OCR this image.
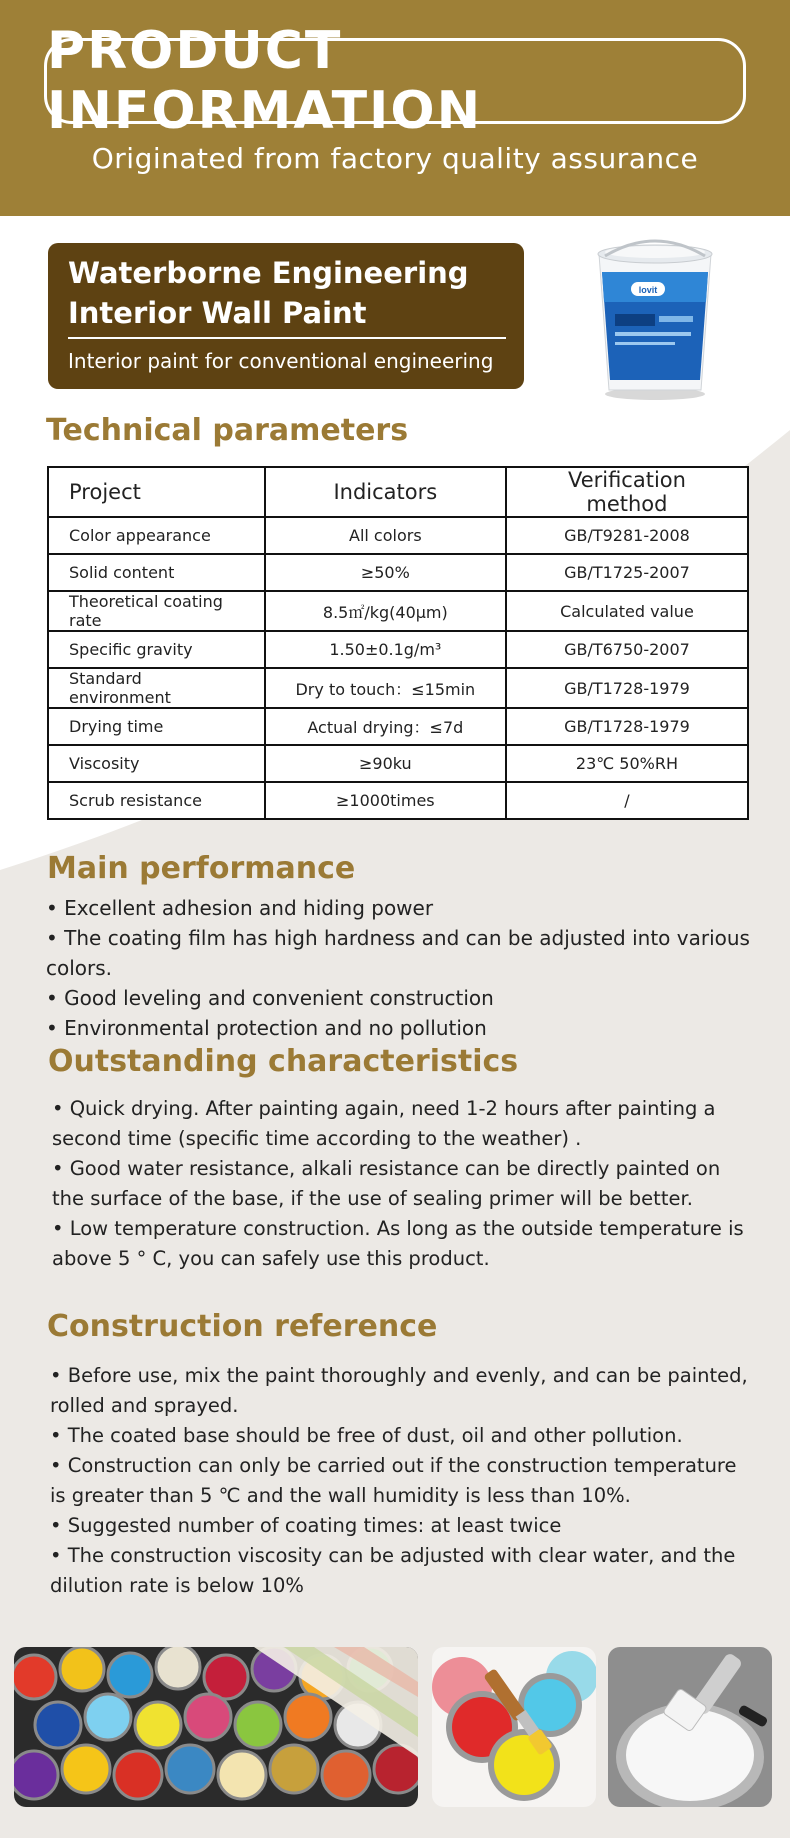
PRODUCT INFORMATION
Originated from factory quality assurance
Waterborne Engineering
Interior Wall Paint
Interior paint for conventional engineering
lovit
Technical parameters
Project	Indicators	Verification method
Color appearance	All colors	GB/T9281-2008
Solid content	≥50%	GB/T1725-2007
Theoretical coating rate	8.5㎡/kg(40μm)	Calculated value
Specific gravity	1.50±0.1g/m³	GB/T6750-2007
Standard environment	Dry to touch：≤15min	GB/T1728-1979
Drying time	Actual drying：≤7d	GB/T1728-1979
Viscosity	≥90ku	23℃ 50%RH
Scrub resistance	≥1000times	/
Main performance
• Excellent adhesion and hiding power
• The coating film has high hardness and can be adjusted into various colors.
• Good leveling and convenient construction
• Environmental protection and no pollution
Outstanding characteristics

• Quick drying. After painting again, need 1-2 hours after painting a second time (specific time according to the weather) .

• Good water resistance, alkali resistance can be directly painted on the surface of the base, if the use of sealing primer will be better.

• Low temperature construction. As long as the outside temperature is above 5 ° C, you can safely use this product.

Construction reference

• Before use, mix the paint thoroughly and evenly, and can be painted, rolled and sprayed.

• The coated base should be free of dust, oil and other pollution.

• Construction can only be carried out if the construction temperature is greater than 5 ℃ and the wall humidity is less than 10%.

• Suggested number of coating times: at least twice

• The construction viscosity can be adjusted with clear water, and the dilution rate is below 10%
